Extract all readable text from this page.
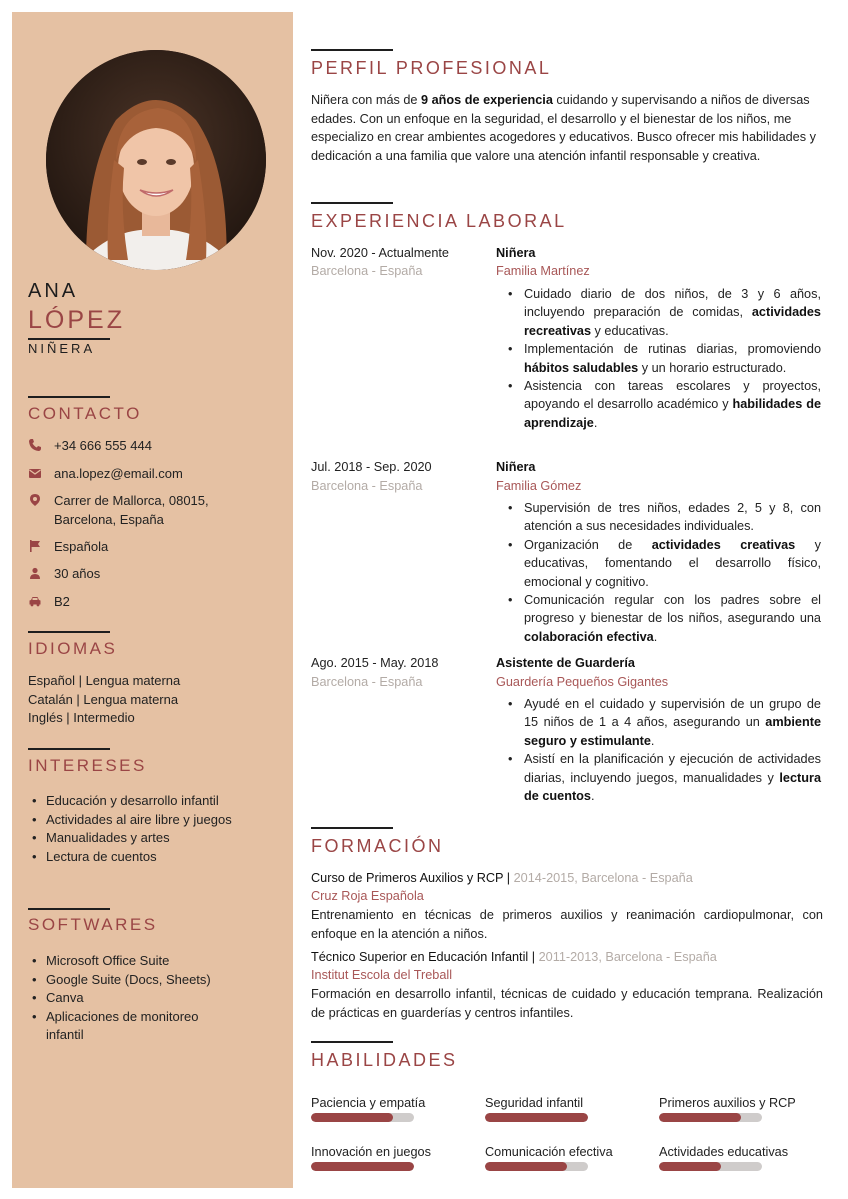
ANA
LÓPEZ
NIÑERA
CONTACTO
+34 666 555 444
ana.lopez@email.com
Carrer de Mallorca, 08015,
Barcelona, España
Española
30 años
B2
IDIOMAS
Español | Lengua materna
Catalán | Lengua materna
Inglés | Intermedio
INTERESES
• Educación y desarrollo infantil
• Actividades al aire libre y juegos
• Manualidades y artes
• Lectura de cuentos
SOFTWARES
• Microsoft Office Suite
• Google Suite (Docs, Sheets)
• Canva
• Aplicaciones de monitoreo infantil
PERFIL PROFESIONAL

Niñera con más de 9 años de experiencia cuidando y supervisando a niños de diversas edades. Con un enfoque en la seguridad, el desarrollo y el bienestar de los niños, me especializo en crear ambientes acogedores y educativos. Busco ofrecer mis habilidades y dedicación a una familia que valore una atención infantil responsable y creativa.

EXPERIENCIA LABORAL
Nov. 2020 - Actualmente
Barcelona - España
Niñera
Familia Martínez
• Cuidado diario de dos niños, de 3 y 6 años, incluyendo preparación de comidas, actividades recreativas y educativas.
• Implementación de rutinas diarias, promoviendo hábitos saludables y un horario estructurado.
• Asistencia con tareas escolares y proyectos, apoyando el desarrollo académico y habilidades de aprendizaje.
Jul. 2018 - Sep. 2020
Barcelona - España
Niñera
Familia Gómez
• Supervisión de tres niños, edades 2, 5 y 8, con atención a sus necesidades individuales.
• Organización de actividades creativas y educativas, fomentando el desarrollo físico, emocional y cognitivo.
• Comunicación regular con los padres sobre el progreso y bienestar de los niños, asegurando una colaboración efectiva.
Ago. 2015 - May. 2018
Barcelona - España
Asistente de Guardería
Guardería Pequeños Gigantes
• Ayudé en el cuidado y supervisión de un grupo de 15 niños de 1 a 4 años, asegurando un ambiente seguro y estimulante.
• Asistí en la planificación y ejecución de actividades diarias, incluyendo juegos, manualidades y lectura de cuentos.
FORMACIÓN
Curso de Primeros Auxilios y RCP | 2014-2015, Barcelona - España
Cruz Roja Española
Entrenamiento en técnicas de primeros auxilios y reanimación cardiopulmonar, con enfoque en la atención a niños.
Técnico Superior en Educación Infantil | 2011-2013, Barcelona - España
Institut Escola del Treball
Formación en desarrollo infantil, técnicas de cuidado y educación temprana. Realización de prácticas en guarderías y centros infantiles.
HABILIDADES
Paciencia y empatía	Seguridad infantil	Primeros auxilios y RCP
Innovación en juegos	Comunicación efectiva	Actividades educativas
